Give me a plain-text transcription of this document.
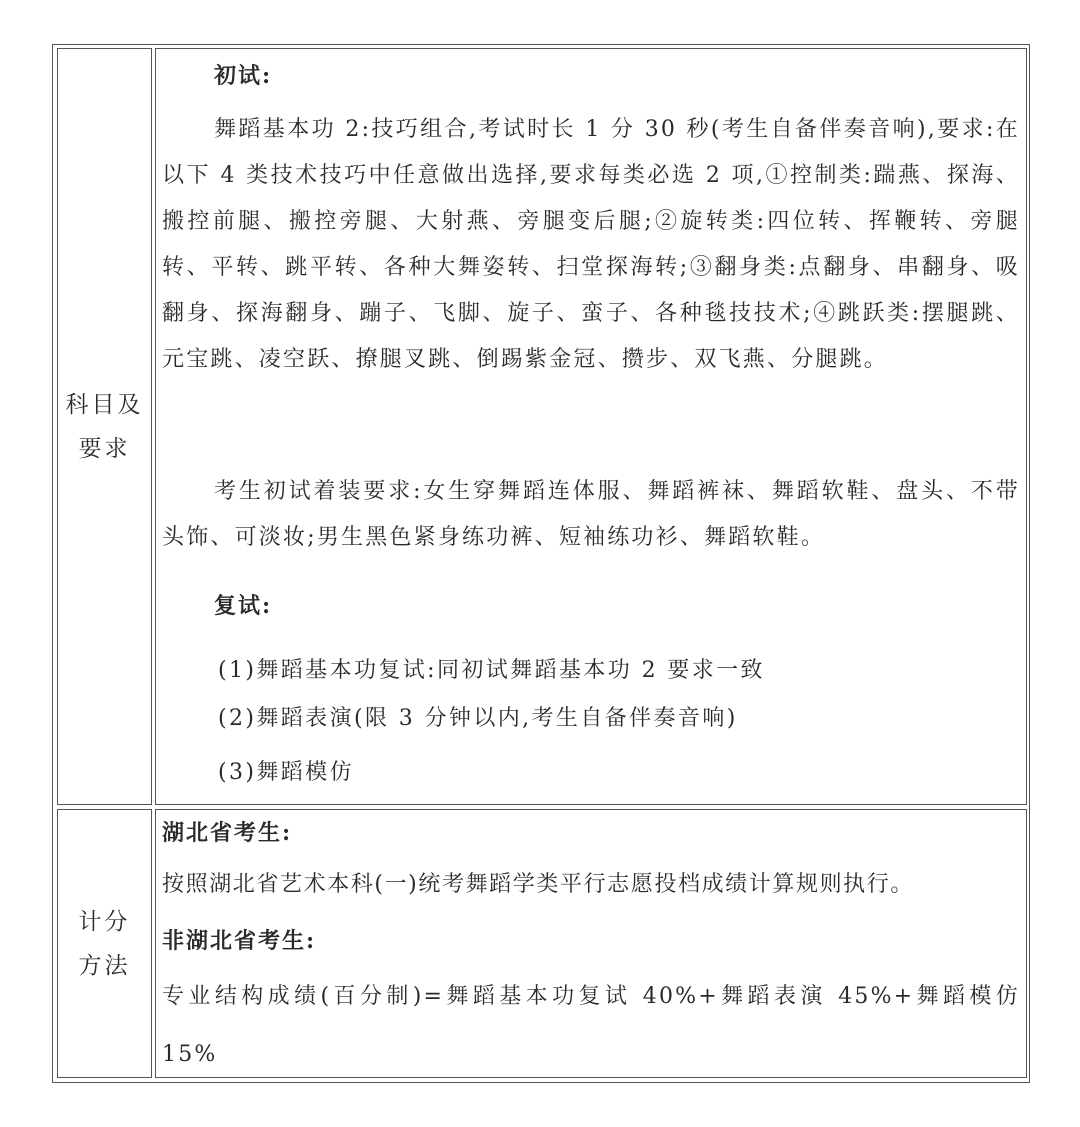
科目及
要求

初试:

舞蹈基本功 2:技巧组合,考试时长 1 分 30 秒(考生自备伴奏音响),要求:在以下 4 类技术技巧中任意做出选择,要求每类必选 2 项,①控制类:踹燕、探海、搬控前腿、搬控旁腿、大射燕、旁腿变后腿;②旋转类:四位转、挥鞭转、旁腿转、平转、跳平转、各种大舞姿转、扫堂探海转;③翻身类:点翻身、串翻身、吸翻身、探海翻身、蹦子、飞脚、旋子、蛮子、各种毯技技术;④跳跃类:摆腿跳、元宝跳、凌空跃、撩腿叉跳、倒踢紫金冠、攒步、双飞燕、分腿跳。

考生初试着装要求:女生穿舞蹈连体服、舞蹈裤袜、舞蹈软鞋、盘头、不带头饰、可淡妆;男生黑色紧身练功裤、短袖练功衫、舞蹈软鞋。

复试:

(1)舞蹈基本功复试:同初试舞蹈基本功 2 要求一致

(2)舞蹈表演(限 3 分钟以内,考生自备伴奏音响)

(3)舞蹈模仿

计分
方法

湖北省考生:

按照湖北省艺术本科(一)统考舞蹈学类平行志愿投档成绩计算规则执行。

非湖北省考生:

专业结构成绩(百分制)=舞蹈基本功复试 40%+舞蹈表演 45%+舞蹈模仿 15%
